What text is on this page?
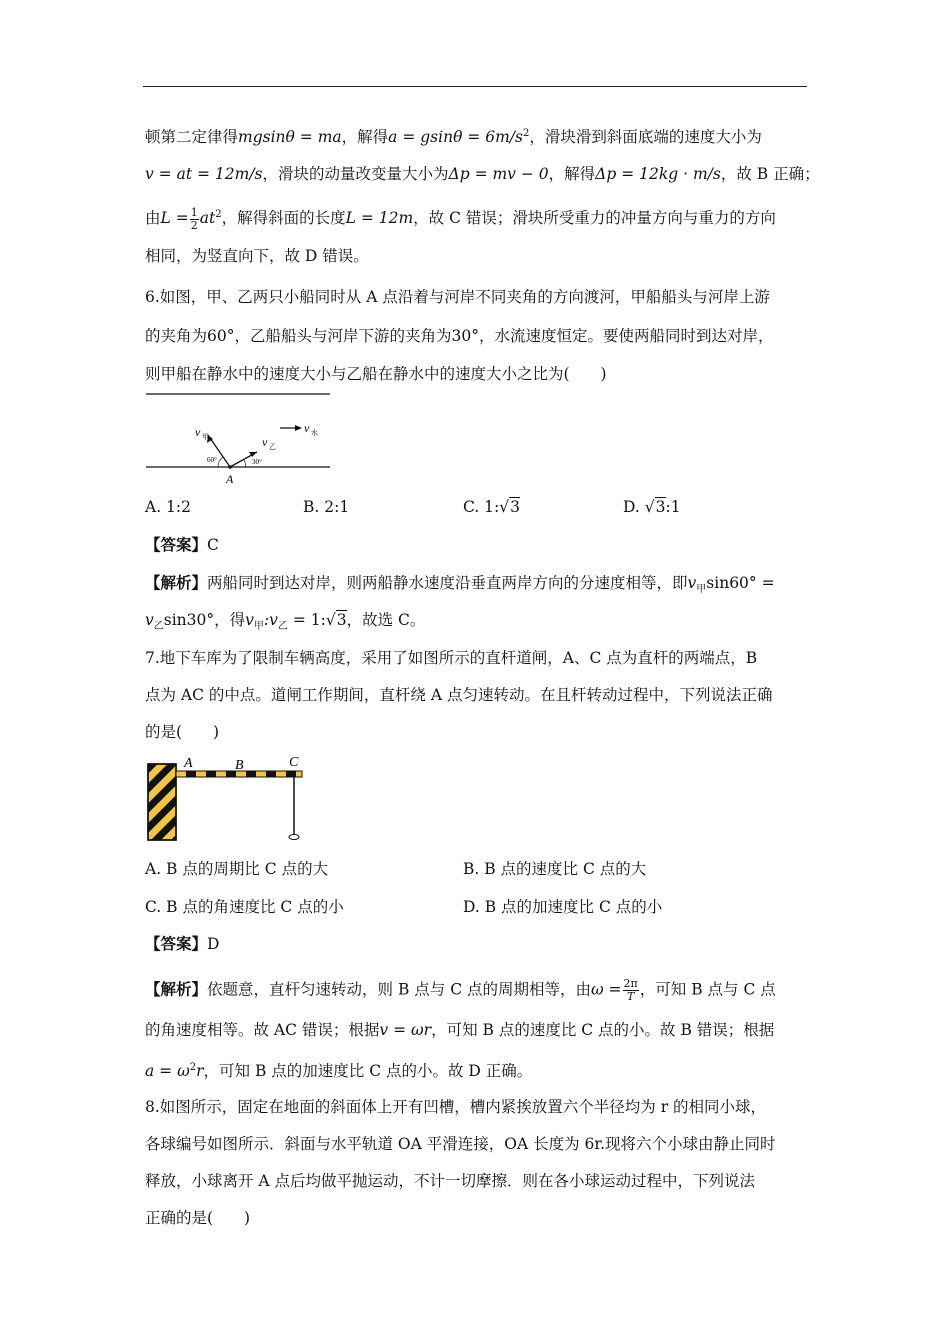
顿第二定律得mgsinθ = ma，解得$a = gsin\theta = 6m/s^2$，滑块滑到斜面底端的速度大小为
v = at = 12m/s，滑块的动量改变量大小为Δp = mv − 0，解得Δp = 12kg · m/s，故 B 正确；
由$L = \frac{1}{2} at^2$，解得斜面的长度L = 12m，故 C 错误；滑块所受重力的冲量方向与重力的方向
相同，为竖直向下，故 D 错误。
6.如图，甲、乙两只小船同时从 A 点沿着与河岸不同夹角的方向渡河，甲船船头与河岸上游
的夹角为60°，乙船船头与河岸下游的夹角为30°，水流速度恒定。要使两船同时到达对岸，
则甲船在静水中的速度大小与乙船在静水中的速度大小之比为(　　)
v 甲	v 乙
v 水
60°	30°
A
A. 1:2	B. 2:1	C. 1:√3	D. √3:1
【答案】C
【解析】两船同时到达对岸，则两船静水速度沿垂直两岸方向的分速度相等，即$v_甲\sin 60^\circ$ =
$v_乙\sin 30^\circ$，得$v_甲:v_乙$ = 1:√3，故选 C。
7.地下车库为了限制车辆高度，采用了如图所示的直杆道闸，A、C 点为直杆的两端点，B
点为 AC 的中点。道闸工作期间，直杆绕 A 点匀速转动。在且杆转动过程中，下列说法正确
的是(　　)
A	B	C
A. B 点的周期比 C 点的大	B. B 点的速度比 C 点的大
C. B 点的角速度比 C 点的小	D. B 点的加速度比 C 点的小
【答案】D
【解析】依题意，直杆匀速转动，则 B 点与 C 点的周期相等，由$\omega = \frac{2\pi}{T}$ ，可知 B 点与 C 点
的角速度相等。故 AC 错误；根据v = ωr，可知 B 点的速度比 C 点的小。故 B 错误；根据
$a = \omega^2r$，可知 B 点的加速度比 C 点的小。故 D 正确。
8.如图所示，固定在地面的斜面体上开有凹槽，槽内紧挨放置六个半径均为 r 的相同小球，
各球编号如图所示．斜面与水平轨道 OA 平滑连接，OA 长度为 6r.现将六个小球由静止同时
释放，小球离开 A 点后均做平抛运动，不计一切摩擦．则在各小球运动过程中，下列说法
正确的是(　　)
